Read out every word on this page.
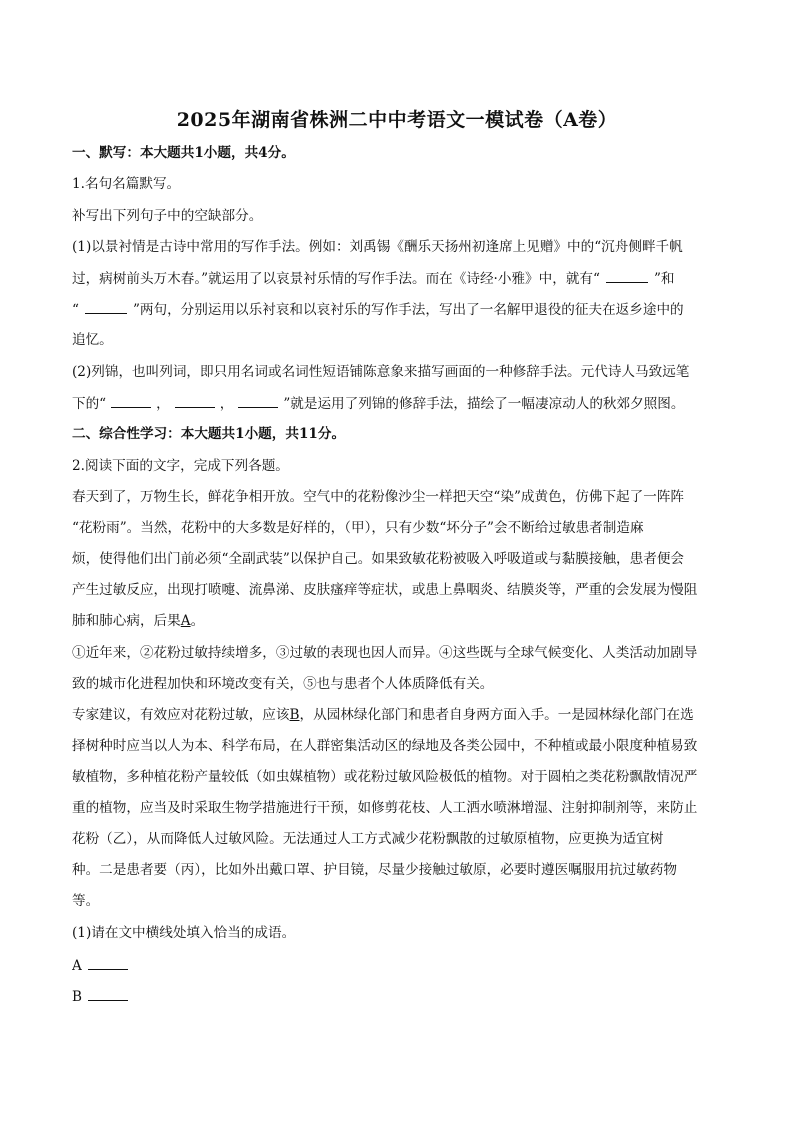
2025年湖南省株洲二中中考语文一模试卷（A卷）
一、默写：本大题共1小题，共4分。
1.名句名篇默写。
补写出下列句子中的空缺部分。
(1)以景衬情是古诗中常用的写作手法。例如：刘禹锡《酬乐天扬州初逢席上见赠》中的“沉舟侧畔千帆
过，病树前头万木春。”就运用了以哀景衬乐情的写作手法。而在《诗经·小雅》中，就有“	”和
“	”两句，分别运用以乐衬哀和以哀衬乐的写作手法，写出了一名解甲退役的征夫在返乡途中的
追忆。
(2)列锦，也叫列词，即只用名词或名词性短语铺陈意象来描写画面的一种修辞手法。元代诗人马致远笔
下的“	，	，	”就是运用了列锦的修辞手法，描绘了一幅凄凉动人的秋郊夕照图。
二、综合性学习：本大题共1小题，共11分。
2.阅读下面的文字，完成下列各题。
春天到了，万物生长，鲜花争相开放。空气中的花粉像沙尘一样把天空“染”成黄色，仿佛下起了一阵阵
“花粉雨”。当然，花粉中的大多数是好样的，（甲），只有少数“坏分子”会不断给过敏患者制造麻
烦，使得他们出门前必须“全副武装”以保护自己。如果致敏花粉被吸入呼吸道或与黏膜接触，患者便会
产生过敏反应，出现打喷嚏、流鼻涕、皮肤瘙痒等症状，或患上鼻咽炎、结膜炎等，严重的会发展为慢阻
肺和肺心病，后果A。
①近年来，②花粉过敏持续增多，③过敏的表现也因人而异。④这些既与全球气候变化、人类活动加剧导
致的城市化进程加快和环境改变有关，⑤也与患者个人体质降低有关。
专家建议，有效应对花粉过敏，应该B，从园林绿化部门和患者自身两方面入手。一是园林绿化部门在选
择树种时应当以人为本、科学布局，在人群密集活动区的绿地及各类公园中，不种植或最小限度种植易致
敏植物，多种植花粉产量较低（如虫媒植物）或花粉过敏风险极低的植物。对于圆柏之类花粉飘散情况严
重的植物，应当及时采取生物学措施进行干预，如修剪花枝、人工洒水喷淋增湿、注射抑制剂等，来防止
花粉（乙），从而降低人过敏风险。无法通过人工方式减少花粉飘散的过敏原植物，应更换为适宜树
种。二是患者要（丙），比如外出戴口罩、护目镜，尽量少接触过敏原，必要时遵医嘱服用抗过敏药物
等。
(1)请在文中横线处填入恰当的成语。
A
B
